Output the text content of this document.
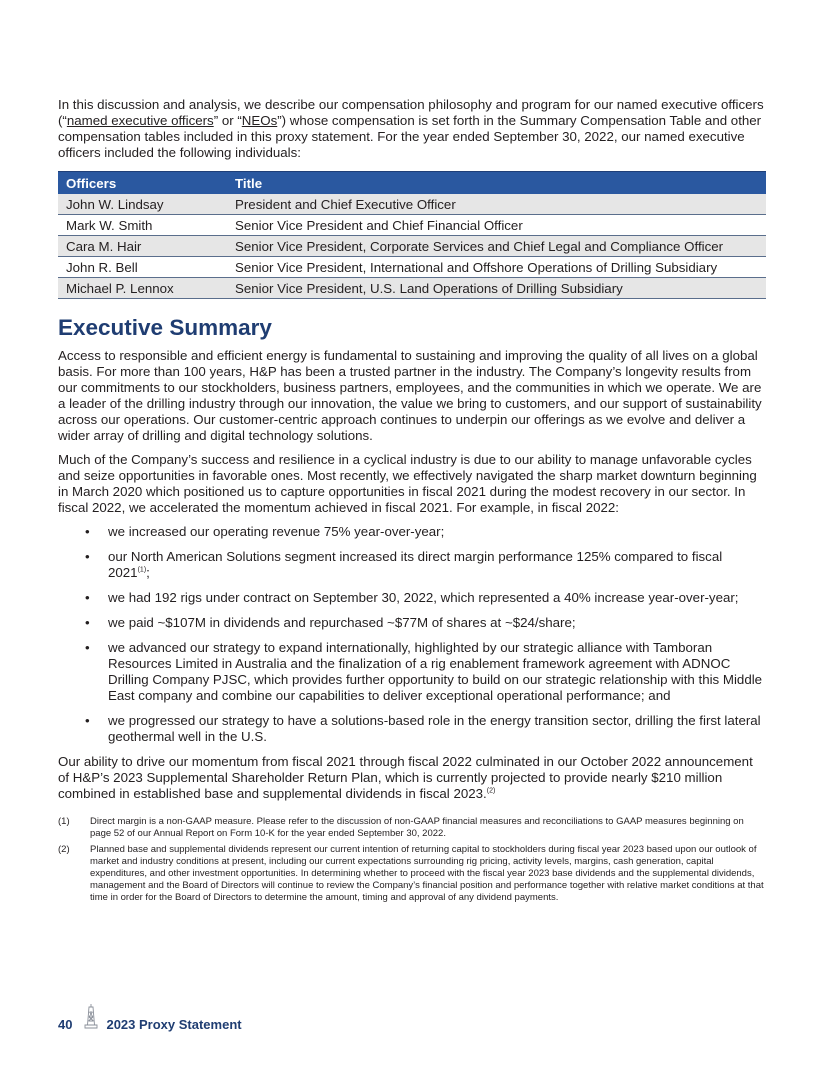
In this discussion and analysis, we describe our compensation philosophy and program for our named executive officers (“named executive officers” or “NEOs”) whose compensation is set forth in the Summary Compensation Table and other compensation tables included in this proxy statement. For the year ended September 30, 2022, our named executive officers included the following individuals:

Officers	Title
John W. Lindsay	President and Chief Executive Officer
Mark W. Smith	Senior Vice President and Chief Financial Officer
Cara M. Hair	Senior Vice President, Corporate Services and Chief Legal and Compliance Officer
John R. Bell	Senior Vice President, International and Offshore Operations of Drilling Subsidiary
Michael P. Lennox	Senior Vice President, U.S. Land Operations of Drilling Subsidiary
Executive Summary

Access to responsible and efficient energy is fundamental to sustaining and improving the quality of all lives on a global basis. For more than 100 years, H&P has been a trusted partner in the industry. The Company’s longevity results from our commitments to our stockholders, business partners, employees, and the communities in which we operate. We are a leader of the drilling industry through our innovation, the value we bring to customers, and our support of sustainability across our operations. Our customer-centric approach continues to underpin our offerings as we evolve and deliver a wider array of drilling and digital technology solutions.

Much of the Company’s success and resilience in a cyclical industry is due to our ability to manage unfavorable cycles and seize opportunities in favorable ones. Most recently, we effectively navigated the sharp market downturn beginning in March 2020 which positioned us to capture opportunities in fiscal 2021 during the modest recovery in our sector. In fiscal 2022, we accelerated the momentum achieved in fiscal 2021. For example, in fiscal 2022:

• we increased our operating revenue 75% year-over-year;
• our North American Solutions segment increased its direct margin performance 125% compared to fiscal 2021$^{(1)}$;
• we had 192 rigs under contract on September 30, 2022, which represented a 40% increase year-over-year;
• we paid ~$107M in dividends and repurchased ~$77M of shares at ~$24/share;
• we advanced our strategy to expand internationally, highlighted by our strategic alliance with Tamboran Resources Limited in Australia and the finalization of a rig enablement framework agreement with ADNOC Drilling Company PJSC, which provides further opportunity to build on our strategic relationship with this Middle East company and combine our capabilities to deliver exceptional operational performance; and
• we progressed our strategy to have a solutions-based role in the energy transition sector, drilling the first lateral geothermal well in the U.S.

Our ability to drive our momentum from fiscal 2021 through fiscal 2022 culminated in our October 2022 announcement of H&P’s 2023 Supplemental Shareholder Return Plan, which is currently projected to provide nearly $210 million combined in established base and supplemental dividends in fiscal 2023.$^{(2)}$

(1) Direct margin is a non-GAAP measure. Please refer to the discussion of non-GAAP financial measures and reconciliations to GAAP measures beginning on page 52 of our Annual Report on Form 10-K for the year ended September 30, 2022.
(2) Planned base and supplemental dividends represent our current intention of returning capital to stockholders during fiscal year 2023 based upon our outlook of market and industry conditions at present, including our current expectations surrounding rig pricing, activity levels, margins, cash generation, capital expenditures, and other investment opportunities. In determining whether to proceed with the fiscal year 2023 base dividends and the supplemental dividends, management and the Board of Directors will continue to review the Company’s financial position and performance together with relative market conditions at that time in order for the Board of Directors to determine the amount, timing and approval of any dividend payments.
40	2023 Proxy Statement
